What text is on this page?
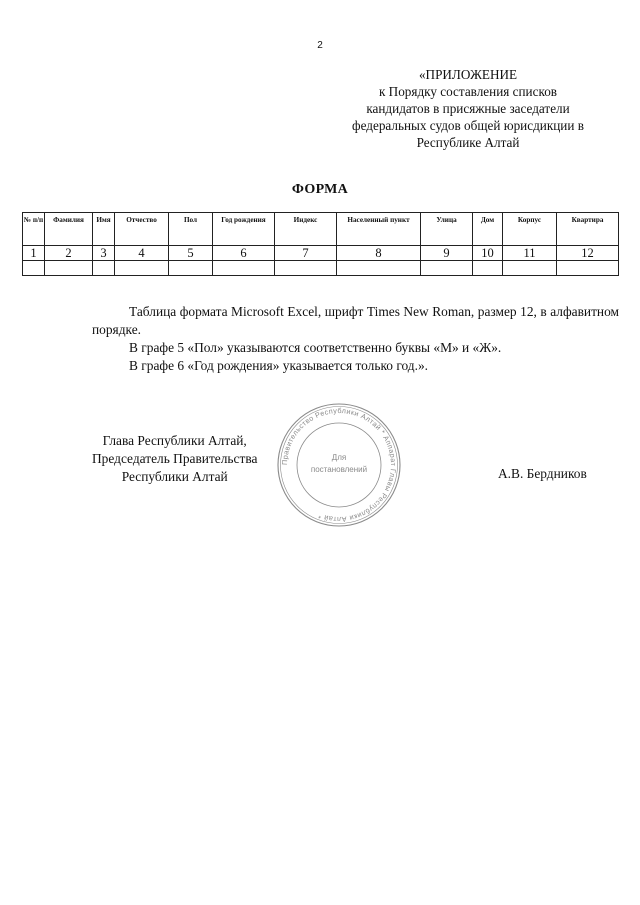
2
«ПРИЛОЖЕНИЕ
к Порядку составления списков
кандидатов в присяжные заседатели
федеральных судов общей юрисдикции в
Республике Алтай
ФОРМА
№ п/п	Фамилия	Имя	Отчество	Пол	Год рождения	Индекс	Населенный пункт	Улица	Дом	Корпус	Квартира
1	2	3	4	5	6	7	8	9	10	11	12

Таблица формата Microsoft Excel, шрифт Times New Roman, размер 12, в алфавитном порядке.

В графе 5 «Пол» указываются соответственно буквы «М» и «Ж».

В графе 6 «Год рождения» указывается только год.».

Глава Республики Алтай,
Председатель Правительства
Республики Алтай	А.В. Бердников
Правительство Республики Алтай * Аппарат Главы Республики Алтай *
Для
постановлений
